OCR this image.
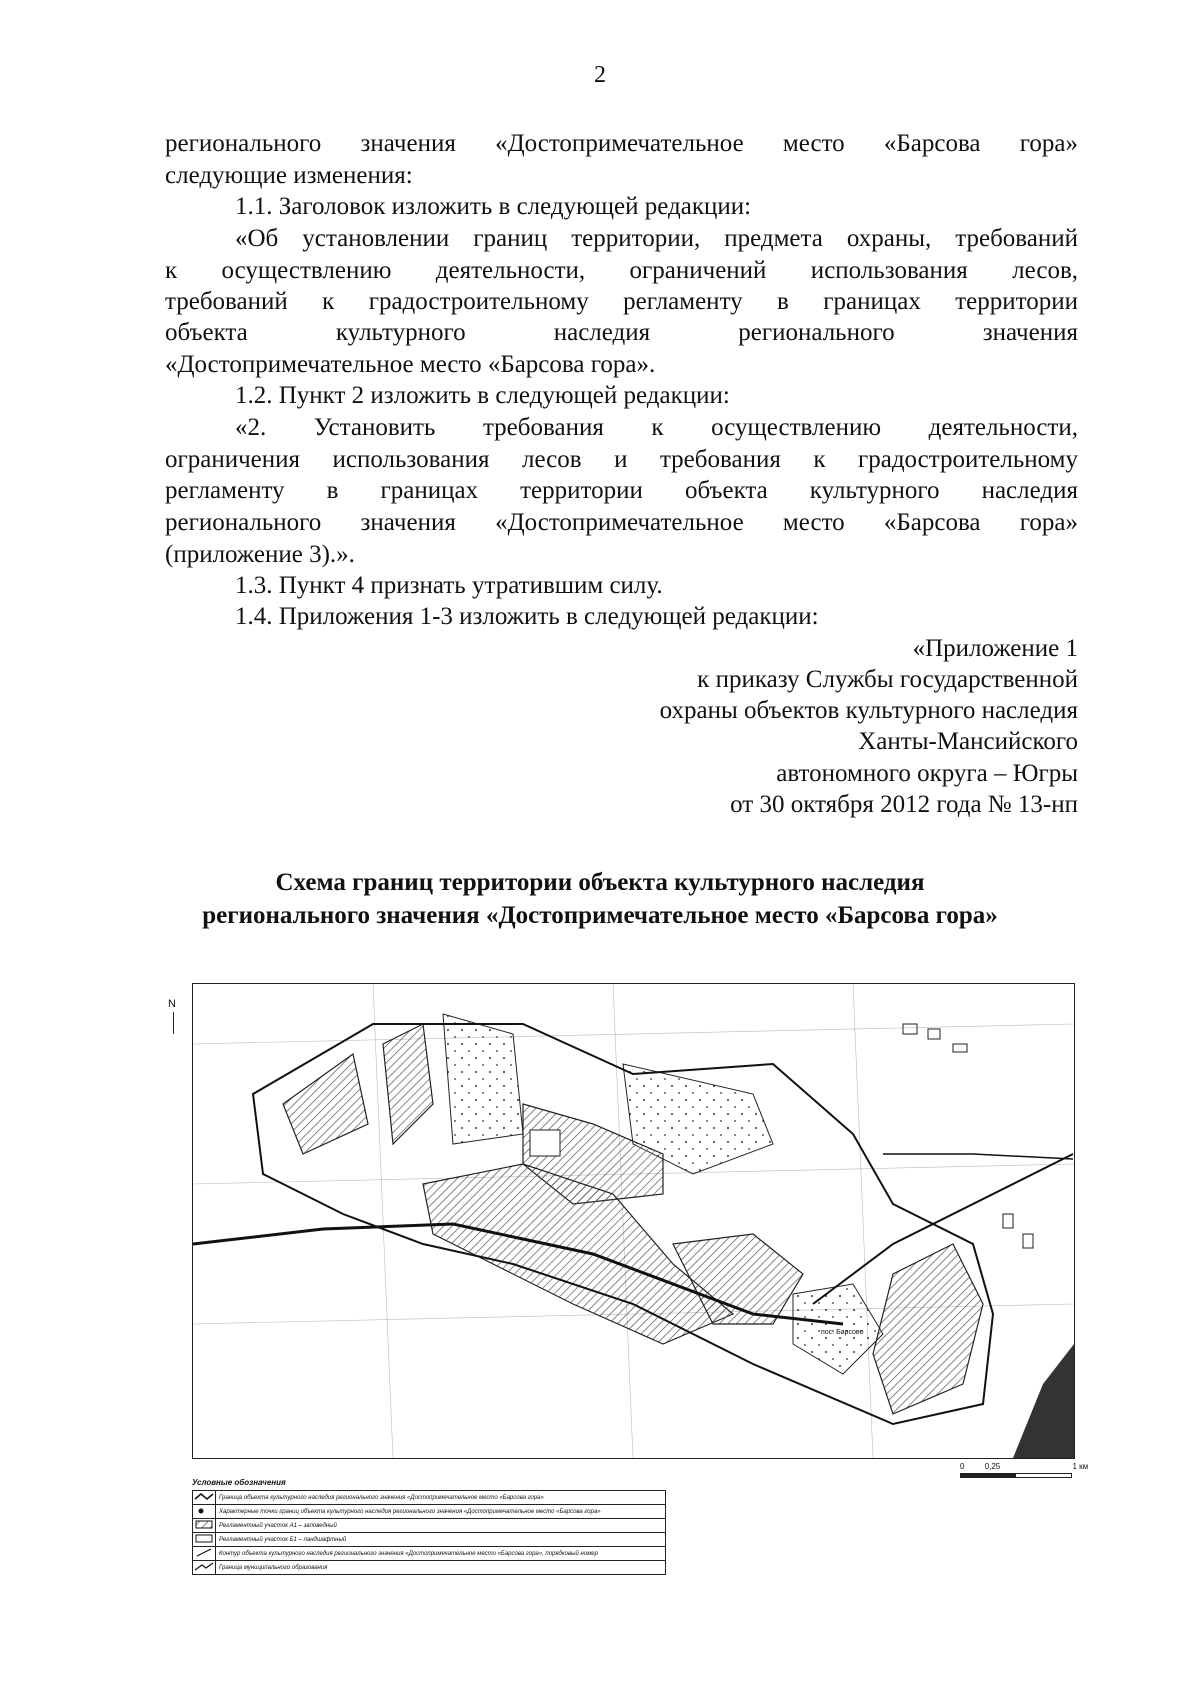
2
регионального значения «Достопримечательное место «Барсова гора»
следующие изменения:
1.1. Заголовок изложить в следующей редакции:
«Об установлении границ территории, предмета охраны, требований
к осуществлению деятельности, ограничений использования лесов,
требований к градостроительному регламенту в границах территории
объекта культурного наследия регионального значения
«Достопримечательное место «Барсова гора».
1.2. Пункт 2 изложить в следующей редакции:
«2. Установить требования к осуществлению деятельности,
ограничения использования лесов и требования к градостроительному
регламенту в границах территории объекта культурного наследия
регионального значения «Достопримечательное место «Барсова гора»
(приложение 3).».
1.3. Пункт 4 признать утратившим силу.
1.4. Приложения 1-3 изложить в следующей редакции:
«Приложение 1
к приказу Службы государственной
охраны объектов культурного наследия
Ханты-Мансийского
автономного округа – Югры
от 30 октября 2012 года № 13-нп
Схема границ территории объекта культурного наследия
регионального значения «Достопримечательное место «Барсова гора»
N
пос. Барсово
0	0,25	1 км
Условные обозначения
	Граница объекта культурного наследия регионального значения «Достопримечательное место «Барсова гора»
	Характерные точки границ объекта культурного наследия регионального значения «Достопримечательное место «Барсова гора»
	Регламентный участок А1 – заповедный
	Регламентный участок Б1 – ландшафтный
	Контур объекта культурного наследия регионального значения «Достопримечательное место «Барсова гора», порядковый номер
	Граница муниципального образования
